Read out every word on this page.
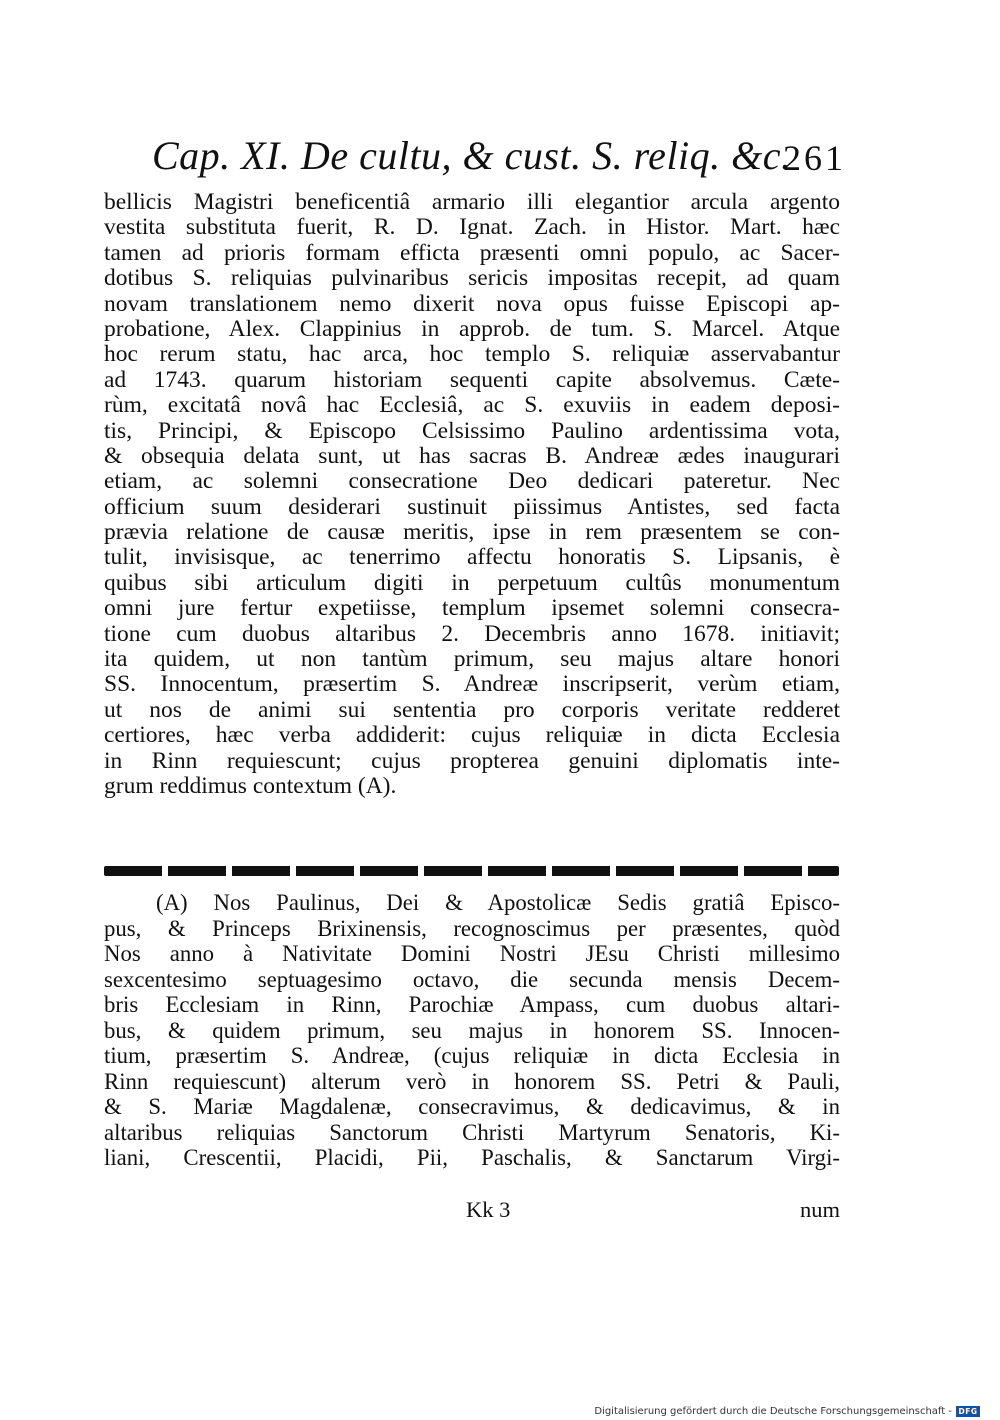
Cap. XI. De cultu, & cust. S. reliq. &c.
261
bellicis Magistri beneficentiâ armario illi elegantior arcula argento
vestita substituta fuerit, R. D. Ignat. Zach. in Histor. Mart. hæc
tamen ad prioris formam efficta præsenti omni populo, ac Sacer-
dotibus S. reliquias pulvinaribus sericis impositas recepit, ad quam
novam translationem nemo dixerit nova opus fuisse Episcopi ap-
probatione, Alex. Clappinius in approb. de tum. S. Marcel. Atque
hoc rerum statu, hac arca, hoc templo S. reliquiæ asservabantur
ad 1743. quarum historiam sequenti capite absolvemus. Cæte-
rùm, excitatâ novâ hac Ecclesiâ, ac S. exuviis in eadem deposi-
tis, Principi, & Episcopo Celsissimo Paulino ardentissima vota,
& obsequia delata sunt, ut has sacras B. Andreæ ædes inaugurari
etiam, ac solemni consecratione Deo dedicari pateretur. Nec
officium suum desiderari sustinuit piissimus Antistes, sed facta
prævia relatione de causæ meritis, ipse in rem præsentem se con-
tulit, invisisque, ac tenerrimo affectu honoratis S. Lipsanis, è
quibus sibi articulum digiti in perpetuum cultûs monumentum
omni jure fertur expetiisse, templum ipsemet solemni consecra-
tione cum duobus altaribus 2. Decembris anno 1678. initiavit;
ita quidem, ut non tantùm primum, seu majus altare honori
SS. Innocentum, præsertim S. Andreæ inscripserit, verùm etiam,
ut nos de animi sui sententia pro corporis veritate redderet
certiores, hæc verba addiderit: cujus reliquiæ in dicta Ecclesia
in Rinn requiescunt; cujus propterea genuini diplomatis inte-
grum reddimus contextum (A).
(A) Nos Paulinus, Dei & Apostolicæ Sedis gratiâ Episco-
pus, & Princeps Brixinensis, recognoscimus per præsentes, quòd
Nos anno à Nativitate Domini Nostri JEsu Christi millesimo
sexcentesimo septuagesimo octavo, die secunda mensis Decem-
bris Ecclesiam in Rinn, Parochiæ Ampass, cum duobus altari-
bus, & quidem primum, seu majus in honorem SS. Innocen-
tium, præsertim S. Andreæ, (cujus reliquiæ in dicta Ecclesia in
Rinn requiescunt) alterum verò in honorem SS. Petri & Pauli,
& S. Mariæ Magdalenæ, consecravimus, & dedicavimus, & in
altaribus reliquias Sanctorum Christi Martyrum Senatoris, Ki-
liani, Crescentii, Placidi, Pii, Paschalis, & Sanctarum Virgi-
Kk 3	num
Digitalisierung gefördert durch die Deutsche Forschungsgemeinschaft - DFG
